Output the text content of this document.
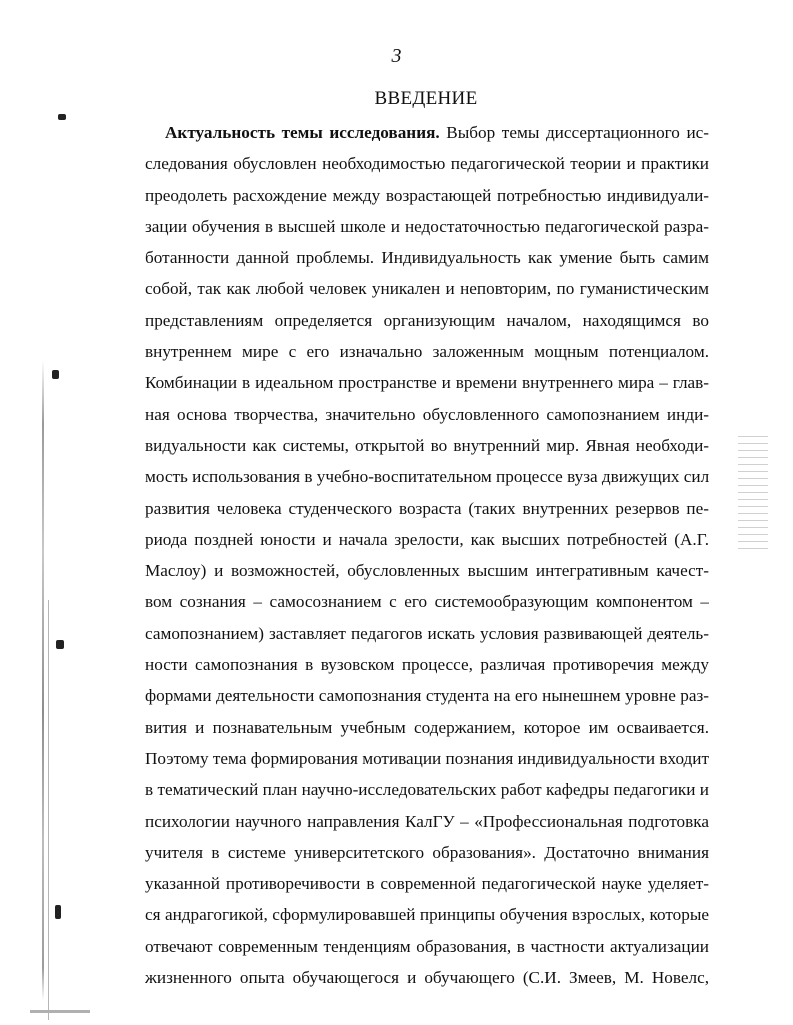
3
ВВЕДЕНИЕ
Актуальность темы исследования. Выбор темы диссертационного ис-
следования обусловлен необходимостью педагогической теории и практики
преодолеть расхождение между возрастающей потребностью индивидуали-
зации обучения в высшей школе и недостаточностью педагогической разра-
ботанности данной проблемы. Индивидуальность как умение быть самим
собой, так как любой человек уникален и неповторим, по гуманистическим
представлениям определяется организующим началом, находящимся во
внутреннем мире с его изначально заложенным мощным потенциалом.
Комбинации в идеальном пространстве и времени внутреннего мира – глав-
ная основа творчества, значительно обусловленного самопознанием инди-
видуальности как системы, открытой во внутренний мир. Явная необходи-
мость использования в учебно-воспитательном процессе вуза движущих сил
развития человека студенческого возраста (таких внутренних резервов пе-
риода поздней юности и начала зрелости, как высших потребностей (А.Г.
Маслоу) и возможностей, обусловленных высшим интегративным качест-
вом сознания – самосознанием с его системообразующим компонентом –
самопознанием) заставляет педагогов искать условия развивающей деятель-
ности самопознания в вузовском процессе, различая противоречия между
формами деятельности самопознания студента на его нынешнем уровне раз-
вития и познавательным учебным содержанием, которое им осваивается.
Поэтому тема формирования мотивации познания индивидуальности входит
в тематический план научно-исследовательских работ кафедры педагогики и
психологии научного направления КалГУ – «Профессиональная подготовка
учителя в системе университетского образования». Достаточно внимания
указанной противоречивости в современной педагогической науке уделяет-
ся андрагогикой, сформулировавшей принципы обучения взрослых, которые
отвечают современным тенденциям образования, в частности актуализации
жизненного опыта обучающегося и обучающего (С.И. Змеев, М. Новелс,
